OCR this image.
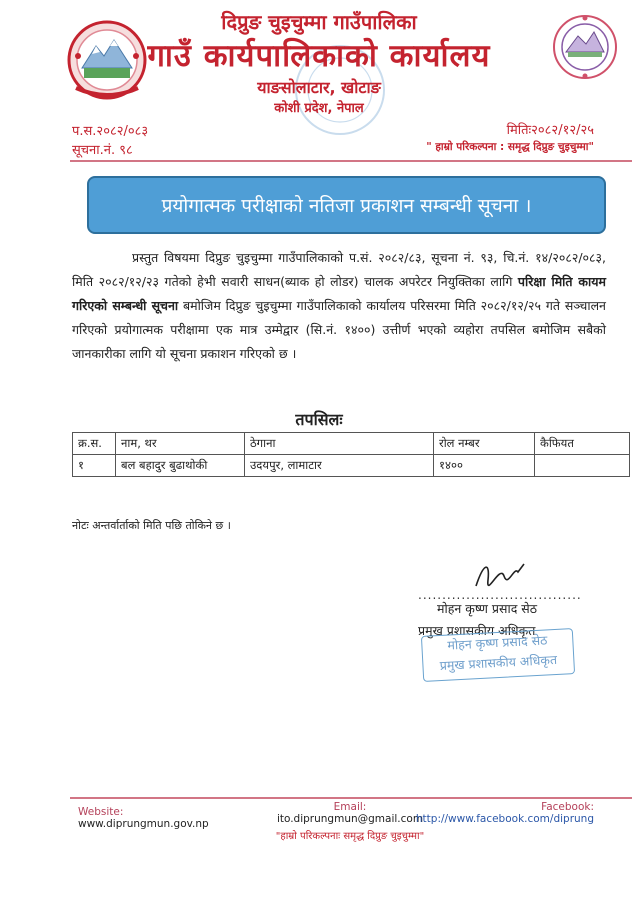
दिप्रुङ चुइचुम्मा गाउँपालिका
गाउँ कार्यपालिकाको कार्यालय
याङसोलाटार, खोटाङ
कोशी प्रदेश, नेपाल
प.स.२०८२/०८३
सूचना.नं. ९८
मितिः२०८२/१२/२५
" हाम्रो परिकल्पना : समृद्ध दिप्रुङ चुइचुम्मा"
प्रयोगात्मक परीक्षाको नतिजा प्रकाशन सम्बन्धी सूचना ।
प्रस्तुत विषयमा दिप्रुङ चुइचुम्मा गाउँपालिकाको प.सं. २०८२/८३, सूचना नं. ९३, चि.नं. १४/२०८२/०८३, मिति २०८२/१२/२३ गतेको हेभी सवारी साधन(ब्याक हो लोडर) चालक अपरेटर नियुक्तिका लागि परिक्षा मिति कायम गरिएको सम्बन्धी सूचना बमोजिम दिप्रुङ चुइचुम्मा गाउँपालिकाको कार्यालय परिसरमा मिति २०८२/१२/२५ गते सञ्चालन गरिएको प्रयोगात्मक परीक्षामा एक मात्र उम्मेद्वार (सि.नं. १४००) उत्तीर्ण भएको व्यहोरा तपसिल बमोजिम सबैको जानकारीका लागि यो सूचना प्रकाशन गरिएको छ ।
तपसिलः
क्र.स.	नाम, थर	ठेगाना	रोल नम्बर	कैफियत
१	बल बहादुर बुढाथोकी	उदयपुर, लामाटार	१४००	
नोटः अन्तर्वार्ताको मिति पछि तोकिने छ ।
..................................
मोहन कृष्ण प्रसाद सेठ
प्रमुख प्रशासकीय अधिकृत
मोहन कृष्ण प्रसाद सेठ
प्रमुख प्रशासकीय अधिकृत
Website:
www.diprungmun.gov.np
Email:
ito.diprungmun@gmail.com
Facebook:
http://www.facebook.com/diprung
"हाम्रो परिकल्पनाः समृद्ध दिप्रुङ चुइचुम्मा"
